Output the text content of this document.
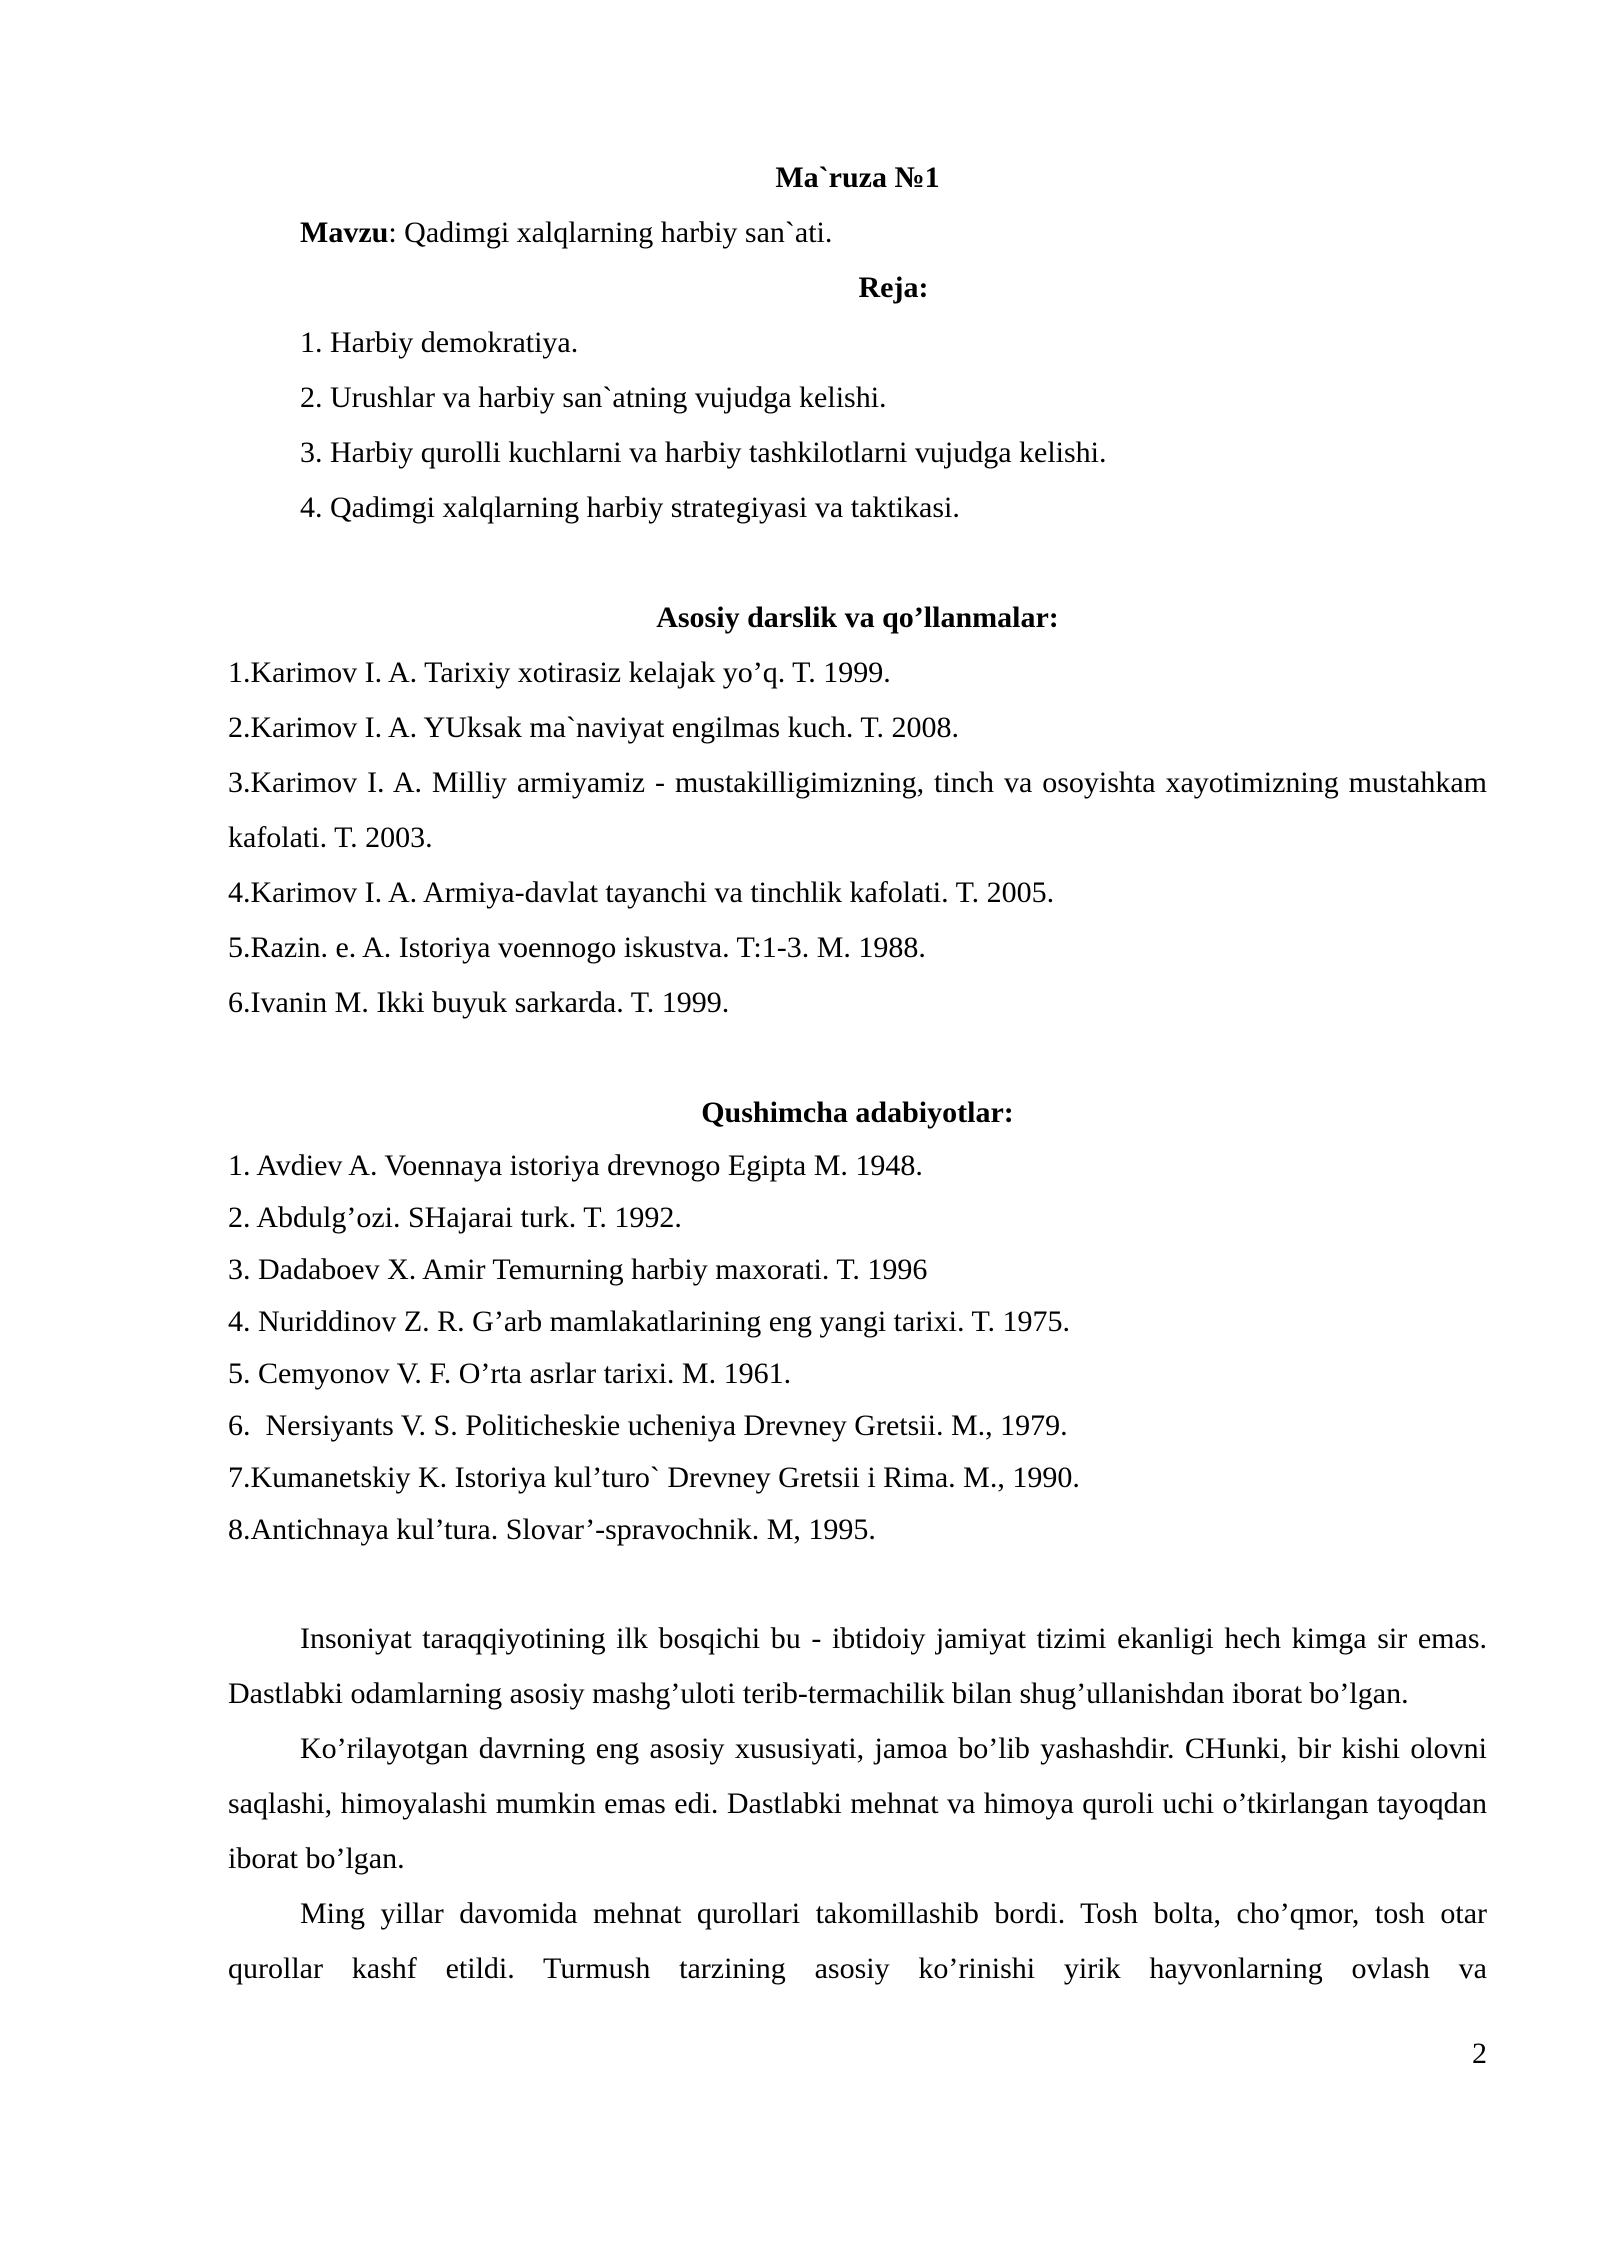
Ma`ruza №1

Mavzu: Qadimgi xalqlarning harbiy san`ati.

Reja:

1. Harbiy demokratiya.

2. Urushlar va harbiy san`atning vujudga kelishi.

3. Harbiy qurolli kuchlarni va harbiy tashkilotlarni vujudga kelishi.

4. Qadimgi xalqlarning harbiy strategiyasi va taktikasi.

Asosiy darslik va qo’llanmalar:

1.Karimov I. A. Tarixiy xotirasiz kelajak yo’q. T. 1999.

2.Karimov I. A. YUksak ma`naviyat engilmas kuch. T. 2008.

3.Karimov I. A. Milliy armiyamiz - mustakilligimizning, tinch va osoyishta xayotimizning mustahkam kafolati. T. 2003.

4.Karimov I. A. Armiya-davlat tayanchi va tinchlik kafolati. T. 2005.

5.Razin. e. A. Istoriya voennogo iskustva. T:1-3. M. 1988.

6.Ivanin M. Ikki buyuk sarkarda. T. 1999.

Qushimcha adabiyotlar:

1. Avdiev A. Voennaya istoriya drevnogo Egipta M. 1948.

2. Abdulg’ozi. SHajarai turk. T. 1992.

3. Dadaboev X. Amir Temurning harbiy maxorati. T. 1996

4. Nuriddinov Z. R. G’arb mamlakatlarining eng yangi tarixi. T. 1975.

5. Cemyonov V. F. O’rta asrlar tarixi. M. 1961.

6.  Nersiyants V. S. Politicheskie ucheniya Drevney Gretsii. M., 1979.

7.Kumanetskiy K. Istoriya kul’turo` Drevney Gretsii i Rima. M., 1990.

8.Antichnaya kul’tura. Slovar’-spravochnik. M, 1995.

Insoniyat taraqqiyotining ilk bosqichi bu - ibtidoiy jamiyat tizimi ekanligi hech kimga sir emas. Dastlabki odamlarning asosiy mashg’uloti terib-termachilik bilan shug’ullanishdan iborat bo’lgan.

Ko’rilayotgan davrning eng asosiy xususiyati, jamoa bo’lib yashashdir. CHunki, bir kishi olovni saqlashi, himoyalashi mumkin emas edi. Dastlabki mehnat va himoya quroli uchi o’tkirlangan tayoqdan iborat bo’lgan.

Ming yillar davomida mehnat qurollari takomillashib bordi. Tosh bolta, cho’qmor, tosh otar qurollar kashf etildi. Turmush tarzining asosiy ko’rinishi yirik hayvonlarning ovlash va

2
